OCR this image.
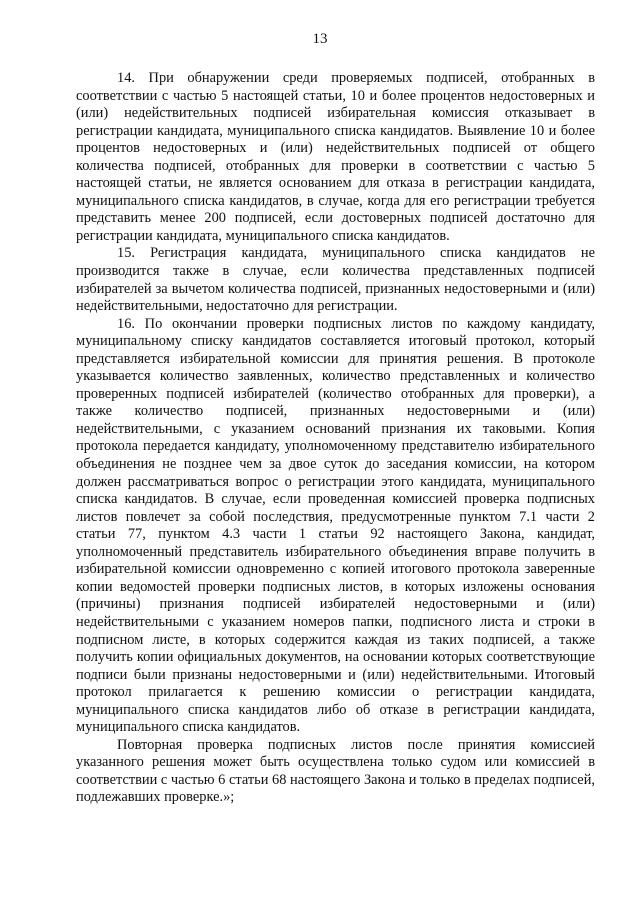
13

14. При обнаружении среди проверяемых подписей, отобранных в соответствии с частью 5 настоящей статьи, 10 и более процентов недостоверных и (или) недействительных подписей избирательная комиссия отказывает в регистрации кандидата, муниципального списка кандидатов. Выявление 10 и более процентов недостоверных и (или) недействительных подписей от общего количества подписей, отобранных для проверки в соответствии с частью 5 настоящей статьи, не является основанием для отказа в регистрации кандидата, муниципального списка кандидатов, в случае, когда для его регистрации требуется представить менее 200 подписей, если достоверных подписей достаточно для регистрации кандидата, муниципального списка кандидатов.

15. Регистрация кандидата, муниципального списка кандидатов не производится также в случае, если количества представленных подписей избирателей за вычетом количества подписей, признанных недостоверными и (или) недействительными, недостаточно для регистрации.

16. По окончании проверки подписных листов по каждому кандидату, муниципальному списку кандидатов составляется итоговый протокол, который представляется избирательной комиссии для принятия решения. В протоколе указывается количество заявленных, количество представленных и количество проверенных подписей избирателей (количество отобранных для проверки), а также количество подписей, признанных недостоверными и (или) недействительными, с указанием оснований признания их таковыми. Копия протокола передается кандидату, уполномоченному представителю избирательного объединения не позднее чем за двое суток до заседания комиссии, на котором должен рассматриваться вопрос о регистрации этого кандидата, муниципального списка кандидатов. В случае, если проведенная комиссией проверка подписных листов повлечет за собой последствия, предусмотренные пунктом 7.1 части 2 статьи 77, пунктом 4.3 части 1 статьи 92 настоящего Закона, кандидат, уполномоченный представитель избирательного объединения вправе получить в избирательной комиссии одновременно с копией итогового протокола заверенные копии ведомостей проверки подписных листов, в которых изложены основания (причины) признания подписей избирателей недостоверными и (или) недействительными с указанием номеров папки, подписного листа и строки в подписном листе, в которых содержится каждая из таких подписей, а также получить копии официальных документов, на основании которых соответствующие подписи были признаны недостоверными и (или) недействительными. Итоговый протокол прилагается к решению комиссии о регистрации кандидата, муниципального списка кандидатов либо об отказе в регистрации кандидата, муниципального списка кандидатов.

Повторная проверка подписных листов после принятия комиссией указанного решения может быть осуществлена только судом или комиссией в соответствии с частью 6 статьи 68 настоящего Закона и только в пределах подписей, подлежавших проверке.»;
